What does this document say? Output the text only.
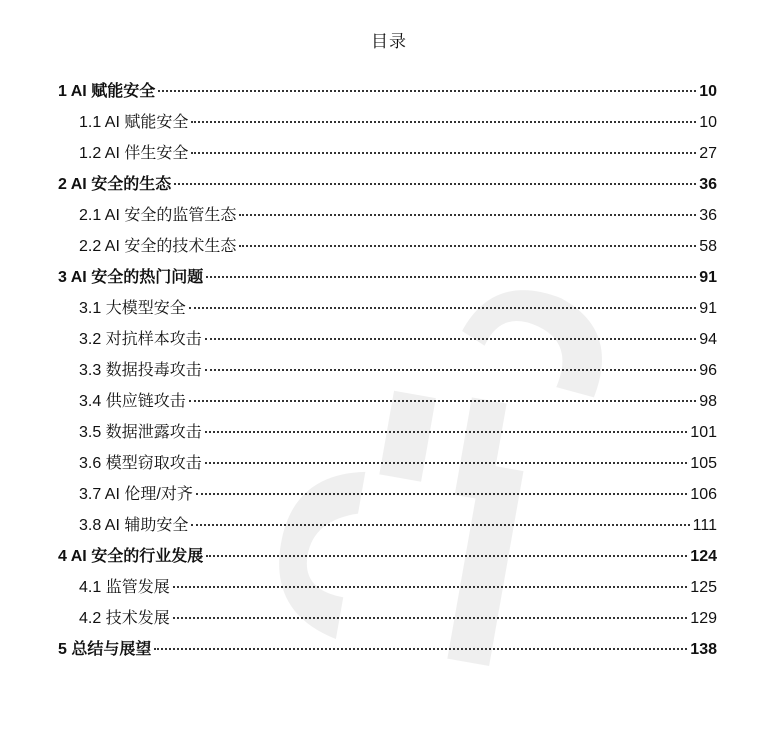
目录
1 AI 赋能安全	10
1.1 AI 赋能安全	10
1.2 AI 伴生安全	27
2 AI 安全的生态	36
2.1 AI 安全的监管生态	36
2.2 AI 安全的技术生态	58
3 AI 安全的热门问题	91
3.1 大模型安全	91
3.2 对抗样本攻击	94
3.3 数据投毒攻击	96
3.4 供应链攻击	98
3.5 数据泄露攻击	101
3.6 模型窃取攻击	105
3.7 AI 伦理/对齐	106
3.8 AI 辅助安全	111
4 AI 安全的行业发展	124
4.1 监管发展	125
4.2 技术发展	129
5 总结与展望	138
